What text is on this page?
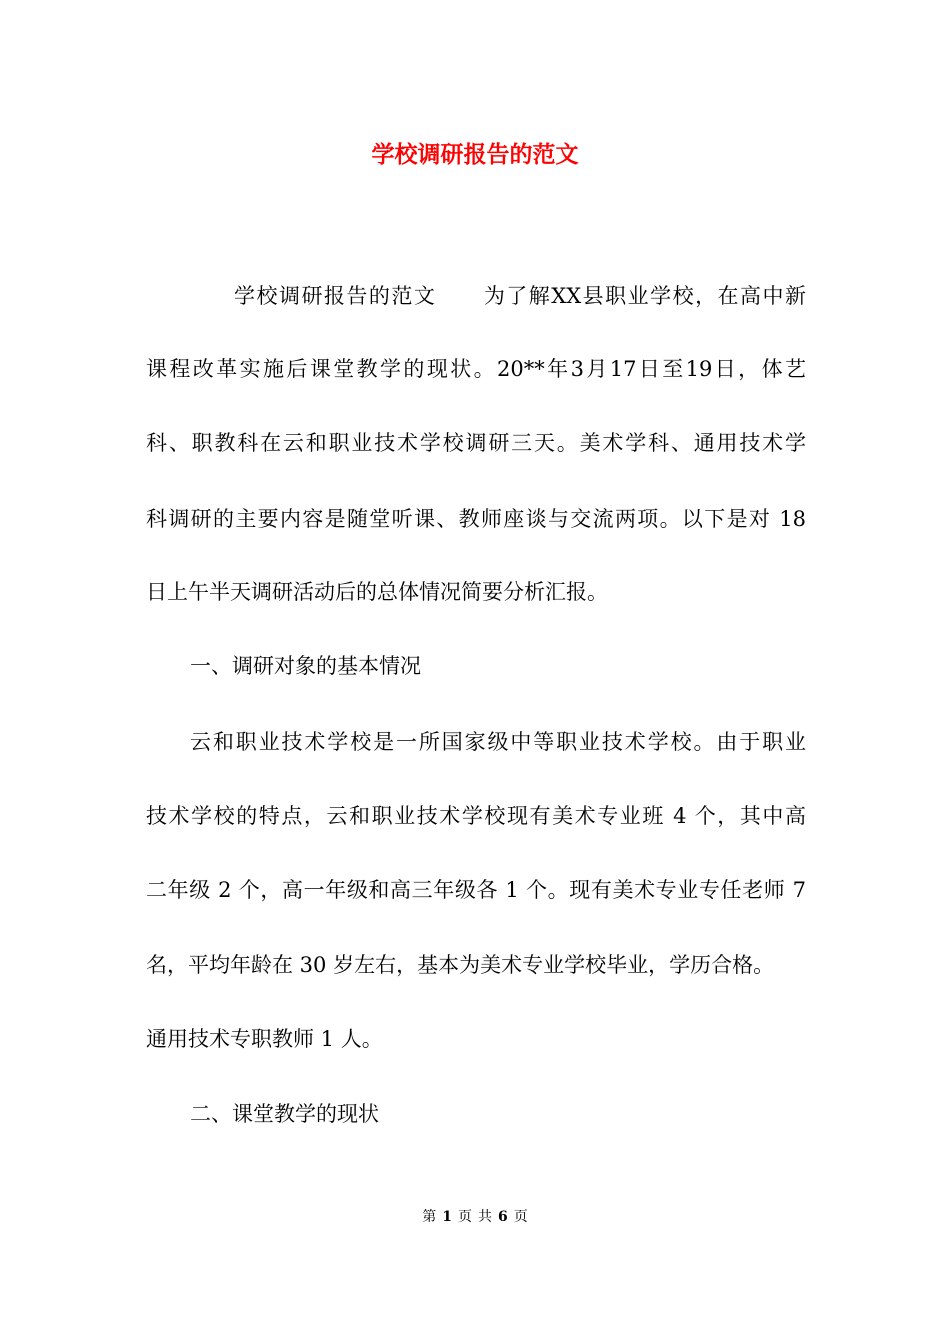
学校调研报告的范文
学校调研报告的范文 为了解XX县职业学校，在高中新
课程改革实施后课堂教学的现状。20**年3月17日至19日，体艺
科、职教科在云和职业技术学校调研三天。美术学科、通用技术学
科调研的主要内容是随堂听课、教师座谈与交流两项。以下是对 18
日上午半天调研活动后的总体情况简要分析汇报。
一、调研对象的基本情况
云和职业技术学校是一所国家级中等职业技术学校。由于职业
技术学校的特点，云和职业技术学校现有美术专业班 4 个，其中高
二年级 2 个，高一年级和高三年级各 1 个。现有美术专业专任老师 7
名，平均年龄在 30 岁左右，基本为美术专业学校毕业，学历合格。
通用技术专职教师 1 人。
二、课堂教学的现状
第 1 页 共 6 页
